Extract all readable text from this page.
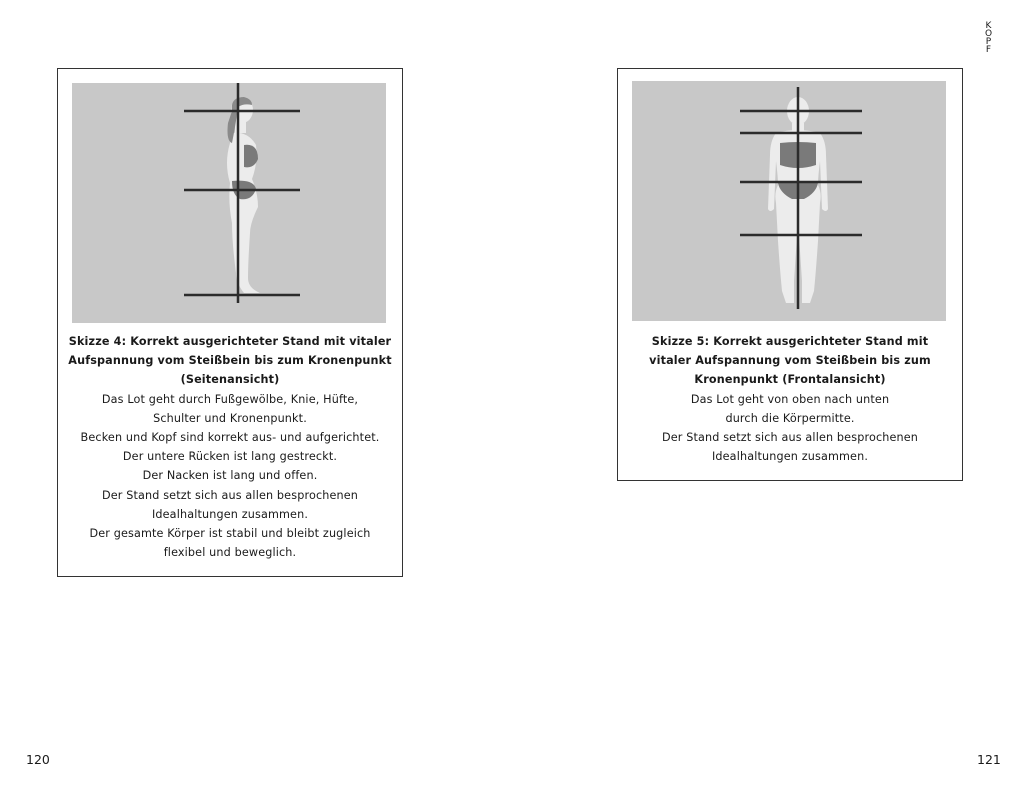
KOPF
Skizze 4: Korrekt ausgerichteter Stand mit vitaler
Aufspannung vom Steißbein bis zum Kronenpunkt
(Seitenansicht)
Das Lot geht durch Fußgewölbe, Knie, Hüfte,
Schulter und Kronenpunkt.
Becken und Kopf sind korrekt aus- und aufgerichtet.
Der untere Rücken ist lang gestreckt.
Der Nacken ist lang und offen.
Der Stand setzt sich aus allen besprochenen
Idealhaltungen zusammen.
Der gesamte Körper ist stabil und bleibt zugleich
flexibel und beweglich.
Skizze 5: Korrekt ausgerichteter Stand mit
vitaler Aufspannung vom Steißbein bis zum
Kronenpunkt (Frontalansicht)
Das Lot geht von oben nach unten
durch die Körpermitte.
Der Stand setzt sich aus allen besprochenen
Idealhaltungen zusammen.
120	121
